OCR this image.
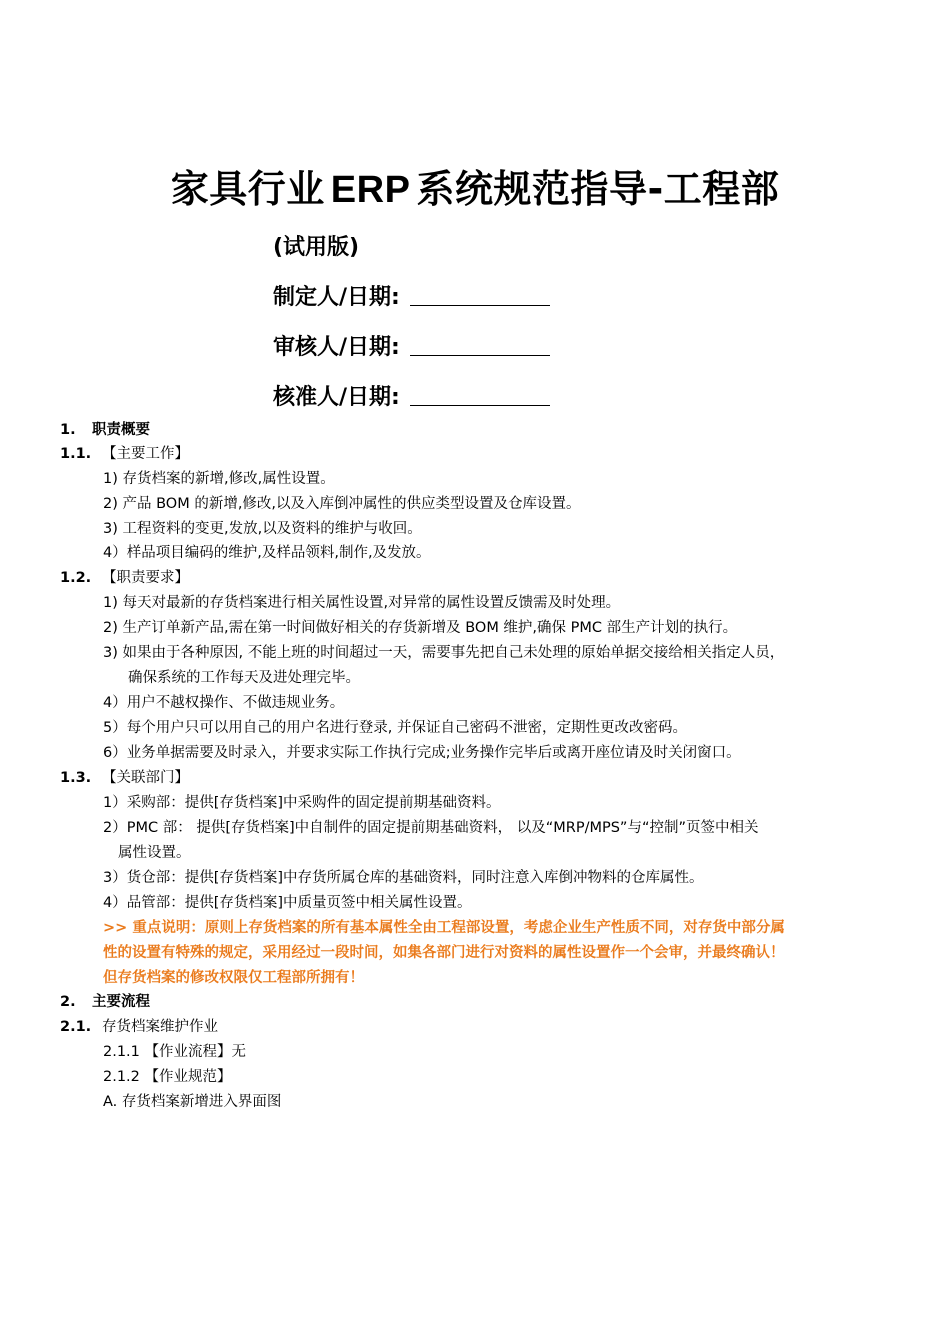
家具行业 ERP 系统规范指导-工程部
(试用版)
制定人/日期:
审核人/日期:
核准人/日期:
1. 职责概要
1.1. 【主要工作】
1) 存货档案的新增,修改,属性设置。
2) 产品 BOM 的新增,修改,以及入库倒冲属性的供应类型设置及仓库设置。
3) 工程资料的变更,发放,以及资料的维护与收回。
4）样品项目编码的维护,及样品领料,制作,及发放。
1.2. 【职责要求】
1) 每天对最新的存货档案进行相关属性设置,对异常的属性设置反馈需及时处理。
2) 生产订单新产品,需在第一时间做好相关的存货新增及 BOM 维护,确保 PMC 部生产计划的执行。
3) 如果由于各种原因, 不能上班的时间超过一天，需要事先把自己未处理的原始单据交接给相关指定人员，
确保系统的工作每天及进处理完毕。
4）用户不越权操作、不做违规业务。
5）每个用户只可以用自己的用户名进行登录, 并保证自己密码不泄密，定期性更改改密码。
6）业务单据需要及时录入，并要求实际工作执行完成;业务操作完毕后或离开座位请及时关闭窗口。
1.3. 【关联部门】
1）采购部：提供[存货档案]中采购件的固定提前期基础资料。
2）PMC 部： 提供[存货档案]中自制件的固定提前期基础资料， 以及“MRP/MPS”与“控制”页签中相关
属性设置。
3）货仓部：提供[存货档案]中存货所属仓库的基础资料，同时注意入库倒冲物料的仓库属性。
4）品管部：提供[存货档案]中质量页签中相关属性设置。
>> 重点说明：原则上存货档案的所有基本属性全由工程部设置，考虑企业生产性质不同，对存货中部分属
性的设置有特殊的规定，采用经过一段时间，如集各部门进行对资料的属性设置作一个会审，并最终确认！
但存货档案的修改权限仅工程部所拥有！
2. 主要流程
2.1. 存货档案维护作业
2.1.1 【作业流程】无
2.1.2 【作业规范】
A. 存货档案新增进入界面图
